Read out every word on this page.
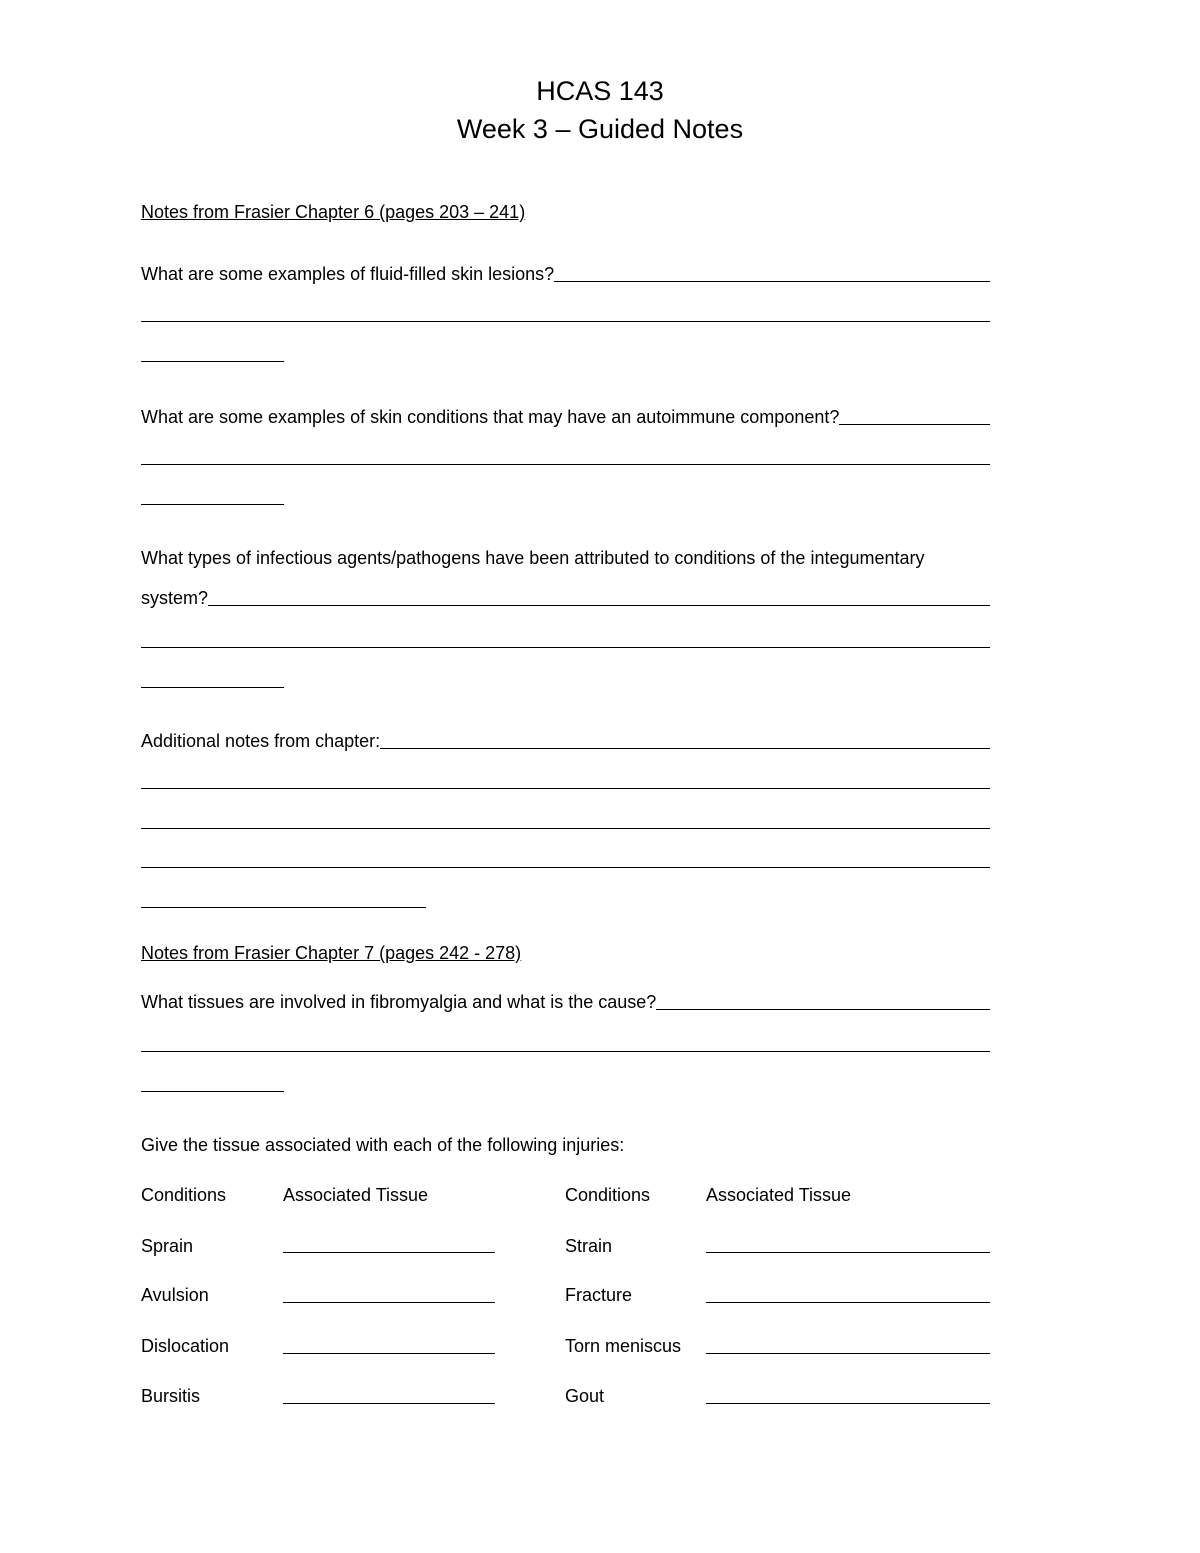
HCAS 143
Week 3 – Guided Notes
Notes from Frasier Chapter 6 (pages 203 – 241)
What are some examples of fluid-filled skin lesions?
What are some examples of skin conditions that may have an autoimmune component?
What types of infectious agents/pathogens have been attributed to conditions of the integumentary
system?
Additional notes from chapter:
Notes from Frasier Chapter 7 (pages 242 - 278)
What tissues are involved in fibromyalgia and what is the cause?
Give the tissue associated with each of the following injuries:
Conditions	Associated Tissue	Conditions	Associated Tissue
Sprain	Strain
Avulsion	Fracture
Dislocation	Torn meniscus
Bursitis	Gout
